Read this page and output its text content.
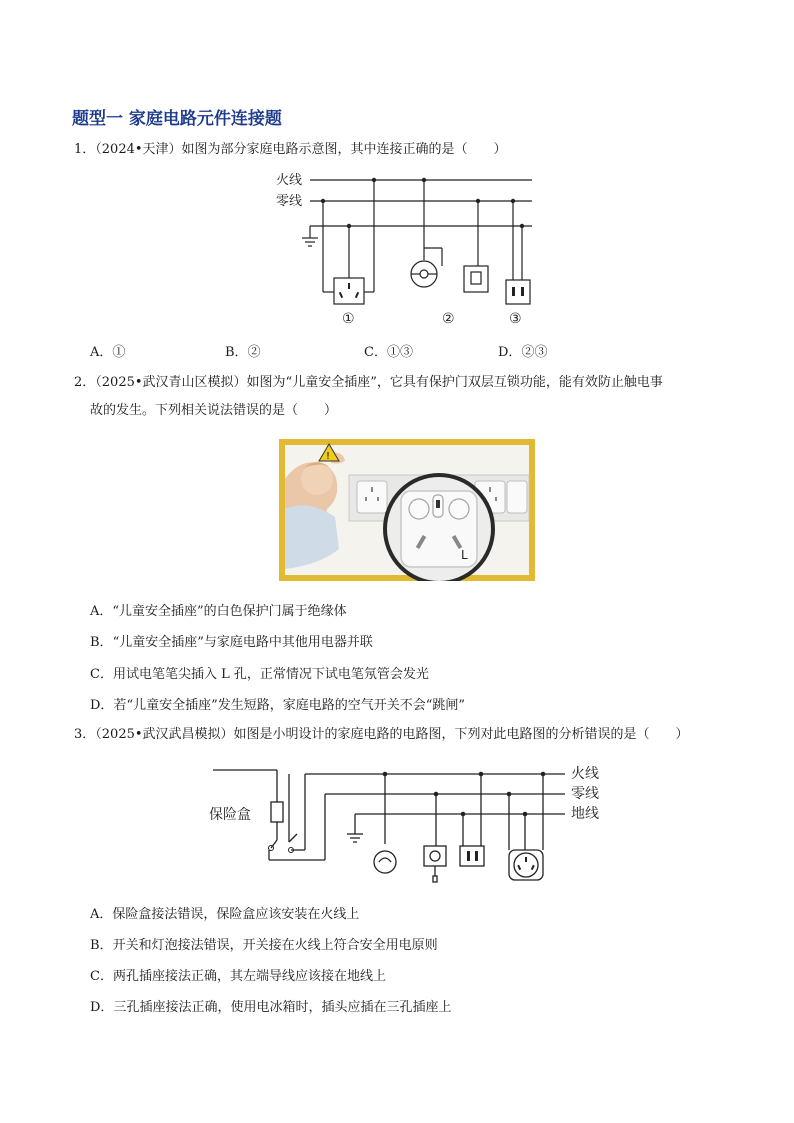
题型一 家庭电路元件连接题
1．（2024•天津）如图为部分家庭电路示意图，其中连接正确的是（　　）
火线
零线
①	②	③
A．①	B．②	C．①③	D．②③
2．（2025•武汉青山区模拟）如图为“儿童安全插座”，它具有保护门双层互锁功能，能有效防止触电事
故的发生。下列相关说法错误的是（　　）
!
L
A．“儿童安全插座”的白色保护门属于绝缘体
B．“儿童安全插座”与家庭电路中其他用电器并联
C．用试电笔笔尖插入 L 孔，正常情况下试电笔氖管会发光
D．若“儿童安全插座”发生短路，家庭电路的空气开关不会“跳闸”
3．（2025•武汉武昌模拟）如图是小明设计的家庭电路的电路图，下列对此电路图的分析错误的是（　　）
保险盒
火线
零线
地线
A．保险盒接法错误，保险盒应该安装在火线上
B．开关和灯泡接法错误，开关接在火线上符合安全用电原则
C．两孔插座接法正确，其左端导线应该接在地线上
D．三孔插座接法正确，使用电冰箱时，插头应插在三孔插座上
